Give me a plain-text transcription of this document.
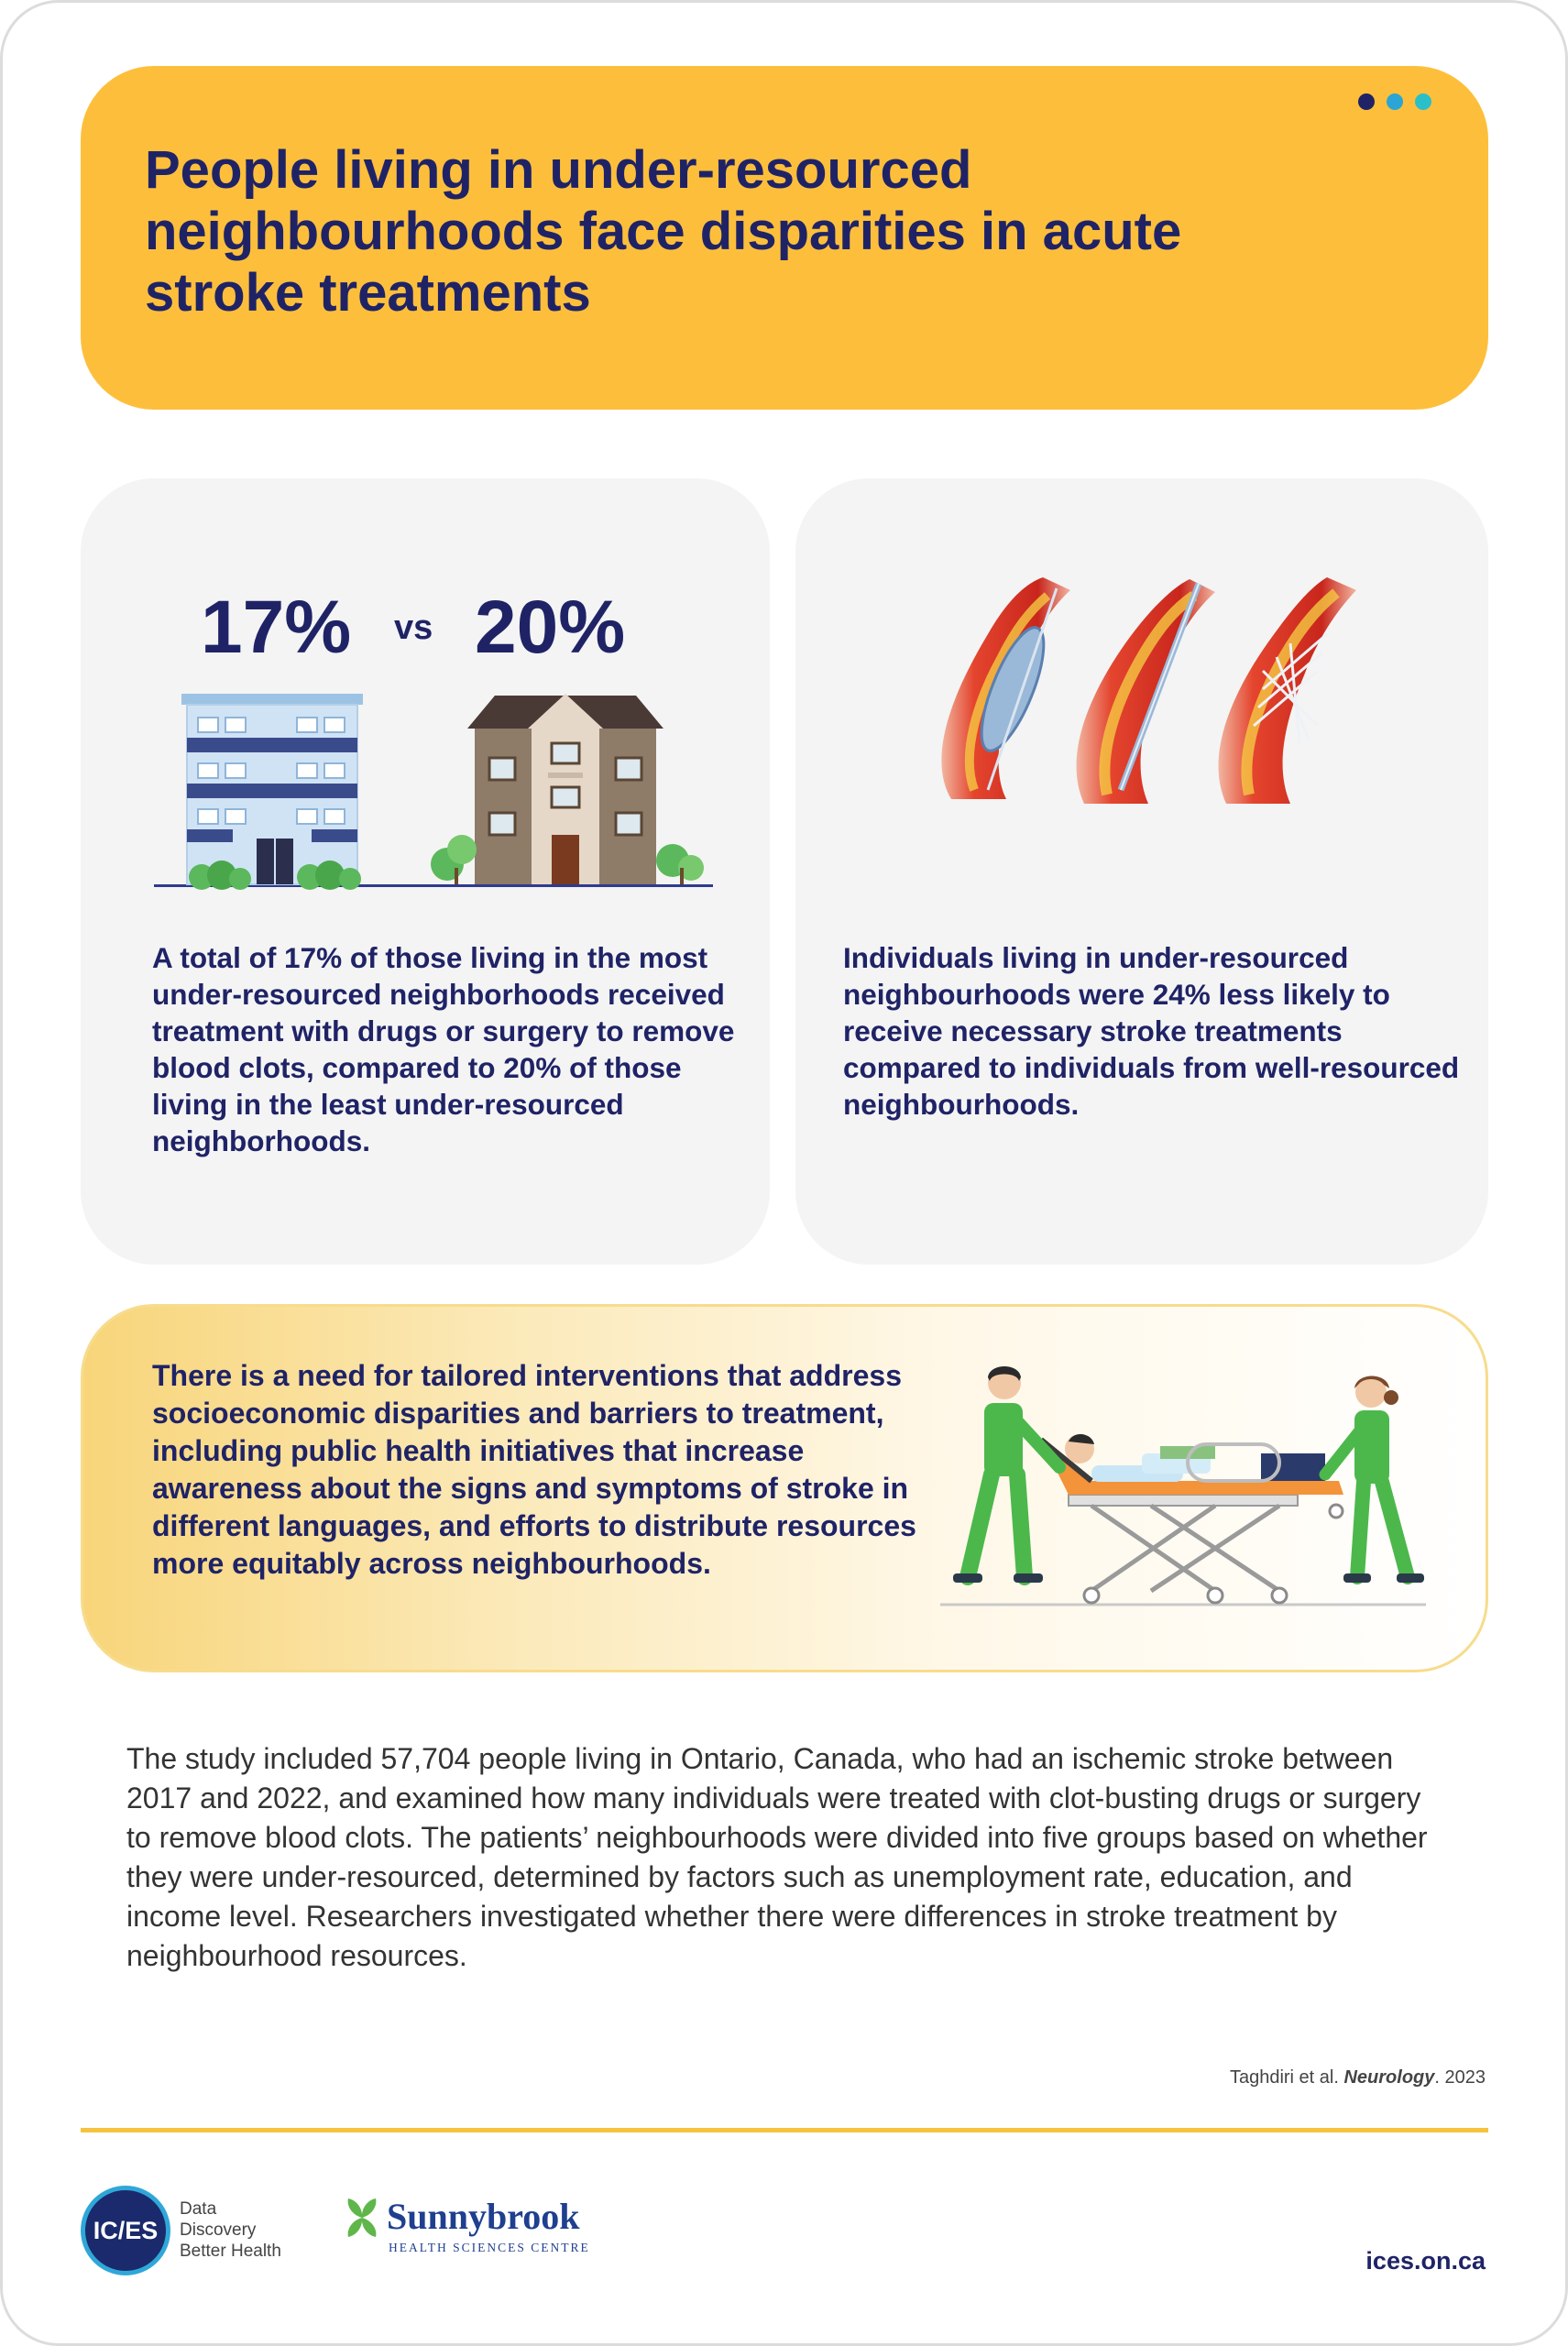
People living in under-resourced neighbourhoods face disparities in acute stroke treatments
17% vs 20%

A total of 17% of those living in the most under-resourced neighborhoods received treatment with drugs or surgery to remove blood clots, compared to 20% of those living in the least under-resourced neighborhoods.

Individuals living in under-resourced neighbourhoods were 24% less likely to receive necessary stroke treatments compared to individuals from well-resourced neighbourhoods.

There is a need for tailored interventions that address socioeconomic disparities and barriers to treatment, including public health initiatives that increase awareness about the signs and symptoms of stroke in different languages, and efforts to distribute resources more equitably across neighbourhoods.

The study included 57,704 people living in Ontario, Canada, who had an ischemic stroke between 2017 and 2022, and examined how many individuals were treated with clot-busting drugs or surgery to remove blood clots. The patients’ neighbourhoods were divided into five groups based on whether they were under-resourced, determined by factors such as unemployment rate, education, and income level. Researchers investigated whether there were differences in stroke treatment by neighbourhood resources.

Taghdiri et al. Neurology. 2023
IC/ES
Data
Discovery
Better Health
Sunnybrook
HEALTH SCIENCES CENTRE	ices.on.ca
